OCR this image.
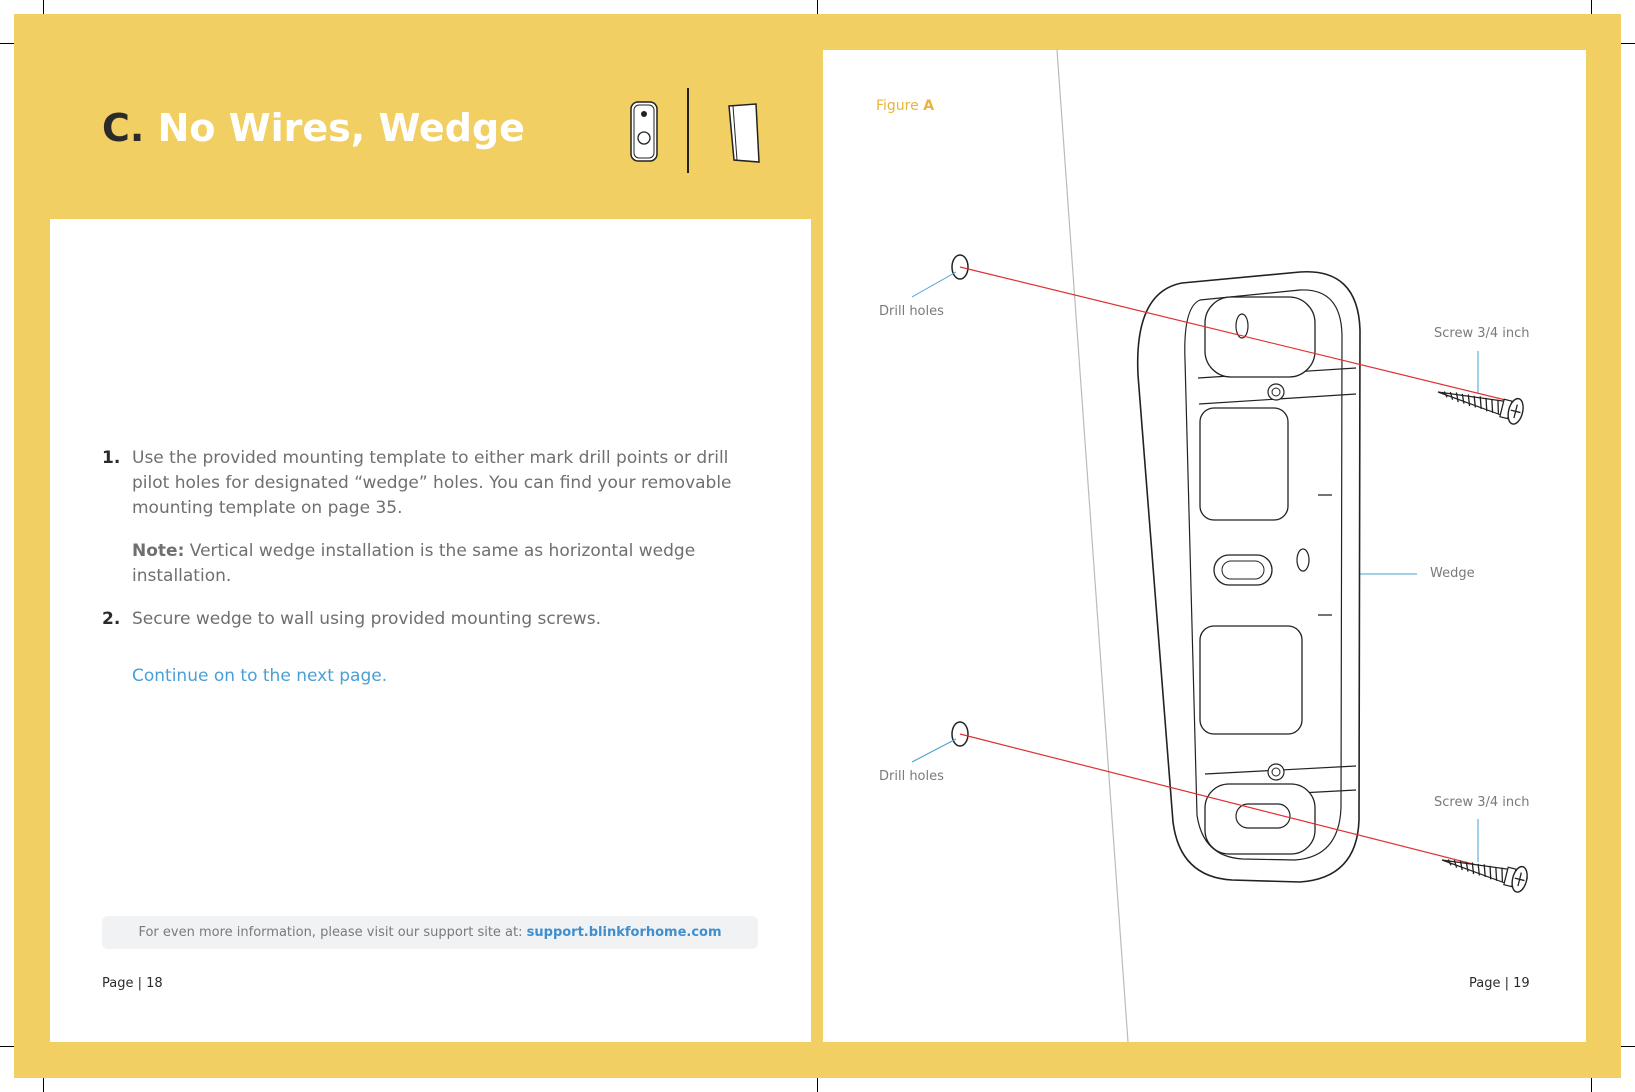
C. No Wires, Wedge
1. Use the provided mounting template to either mark drill points or drill pilot holes for designated “wedge” holes. You can find your removable mounting template on page 35.
Note: Vertical wedge installation is the same as horizontal wedge installation.
2. Secure wedge to wall using provided mounting screws.
Continue on to the next page.
For even more information, please visit our support site at: support.blinkforhome.com
Page | 18
Figure A
Drill holes
Drill holes
Screw 3/4 inch
Screw 3/4 inch
Wedge
Page | 19
